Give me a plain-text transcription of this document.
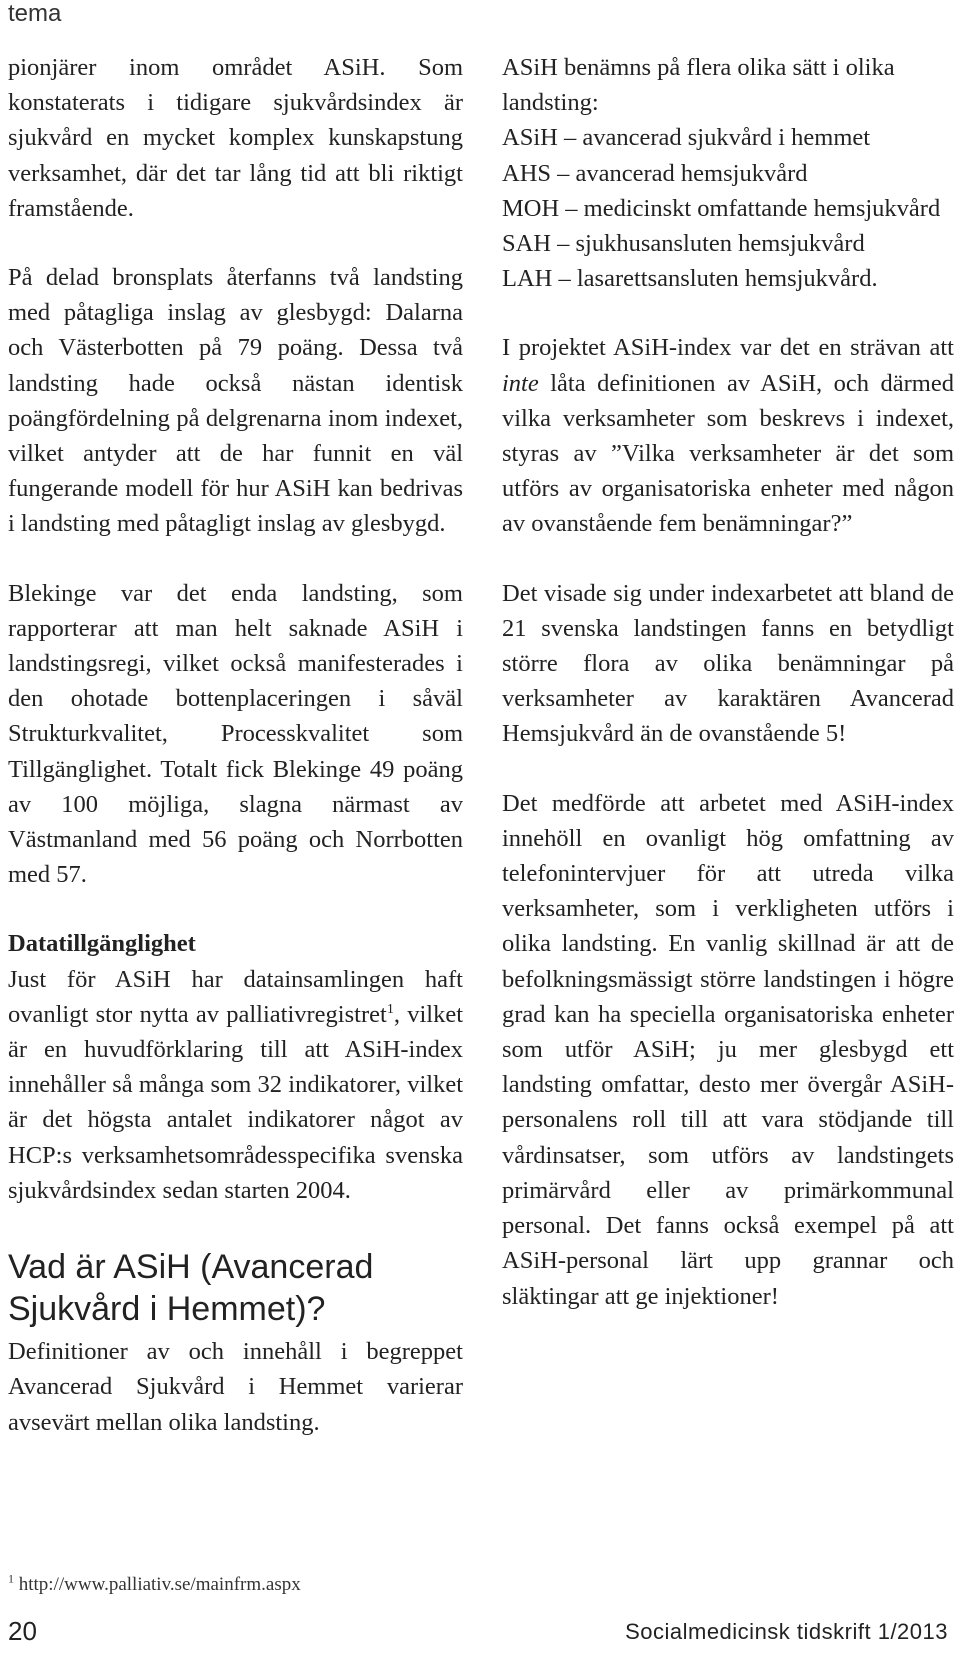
tema

pionjärer inom området ASiH. Som konstaterats i tidigare sjukvårdsindex är sjukvård en mycket komplex kunskapstung verksamhet, där det tar lång tid att bli riktigt framstående.

På delad bronsplats återfanns två landsting med påtagliga inslag av glesbygd: Dalarna och Västerbotten på 79 poäng. Dessa två landsting hade också nästan identisk poängfördelning på delgrenarna inom indexet, vilket antyder att de har funnit en väl fungerande modell för hur ASiH kan bedrivas i landsting med påtagligt inslag av glesbygd.

Blekinge var det enda landsting, som rapporterar att man helt saknade ASiH i landstingsregi, vilket också manifesterades i den ohotade bottenplaceringen i såväl Strukturkvalitet, Processkvalitet som Tillgänglighet. Totalt fick Blekinge 49 poäng av 100 möjliga, slagna närmast av Västmanland med 56 poäng och Norrbotten med 57.

Datatillgänglighet

Just för ASiH har datainsamlingen haft ovanligt stor nytta av palliativregistret$^1$, vilket är en huvudförklaring till att ASiH-index innehåller så många som 32 indikatorer, vilket är det högsta antalet indikatorer något av HCP:s verksamhetsområdesspecifika svenska sjukvårdsindex sedan starten 2004.

Vad är ASiH (Avancerad Sjukvård i Hemmet)?

Definitioner av och innehåll i begreppet Avancerad Sjukvård i Hemmet varierar avsevärt mellan olika landsting.

ASiH benämns på flera olika sätt i olika landsting:
ASiH – avancerad sjukvård i hemmet
AHS – avancerad hemsjukvård
MOH – medicinskt omfattande hemsjukvård
SAH – sjukhusansluten hemsjukvård
LAH – lasarettsansluten hemsjukvård.

I projektet ASiH-index var det en strävan att inte låta definitionen av ASiH, och därmed vilka verksamheter som beskrevs i indexet, styras av ”Vilka verksamheter är det som utförs av organisatoriska enheter med någon av ovanstående fem benämningar?”

Det visade sig under indexarbetet att bland de 21 svenska landstingen fanns en betydligt större flora av olika benämningar på verksamheter av karaktären Avancerad Hemsjukvård än de ovanstående 5!

Det medförde att arbetet med ASiH-index innehöll en ovanligt hög omfattning av telefonintervjuer för att utreda vilka verksamheter, som i verkligheten utförs i olika landsting. En vanlig skillnad är att de befolkningsmässigt större landstingen i högre grad kan ha speciella organisatoriska enheter som utför ASiH; ju mer glesbygd ett landsting omfattar, desto mer övergår ASiH-personalens roll till att vara stödjande till vårdinsatser, som utförs av landstingets primärvård eller av primärkommunal personal. Det fanns också exempel på att ASiH-personal lärt upp grannar och släktingar att ge injektioner!

$^1$ http://www.palliativ.se/mainfrm.aspx
20	Socialmedicinsk tidskrift 1/2013
